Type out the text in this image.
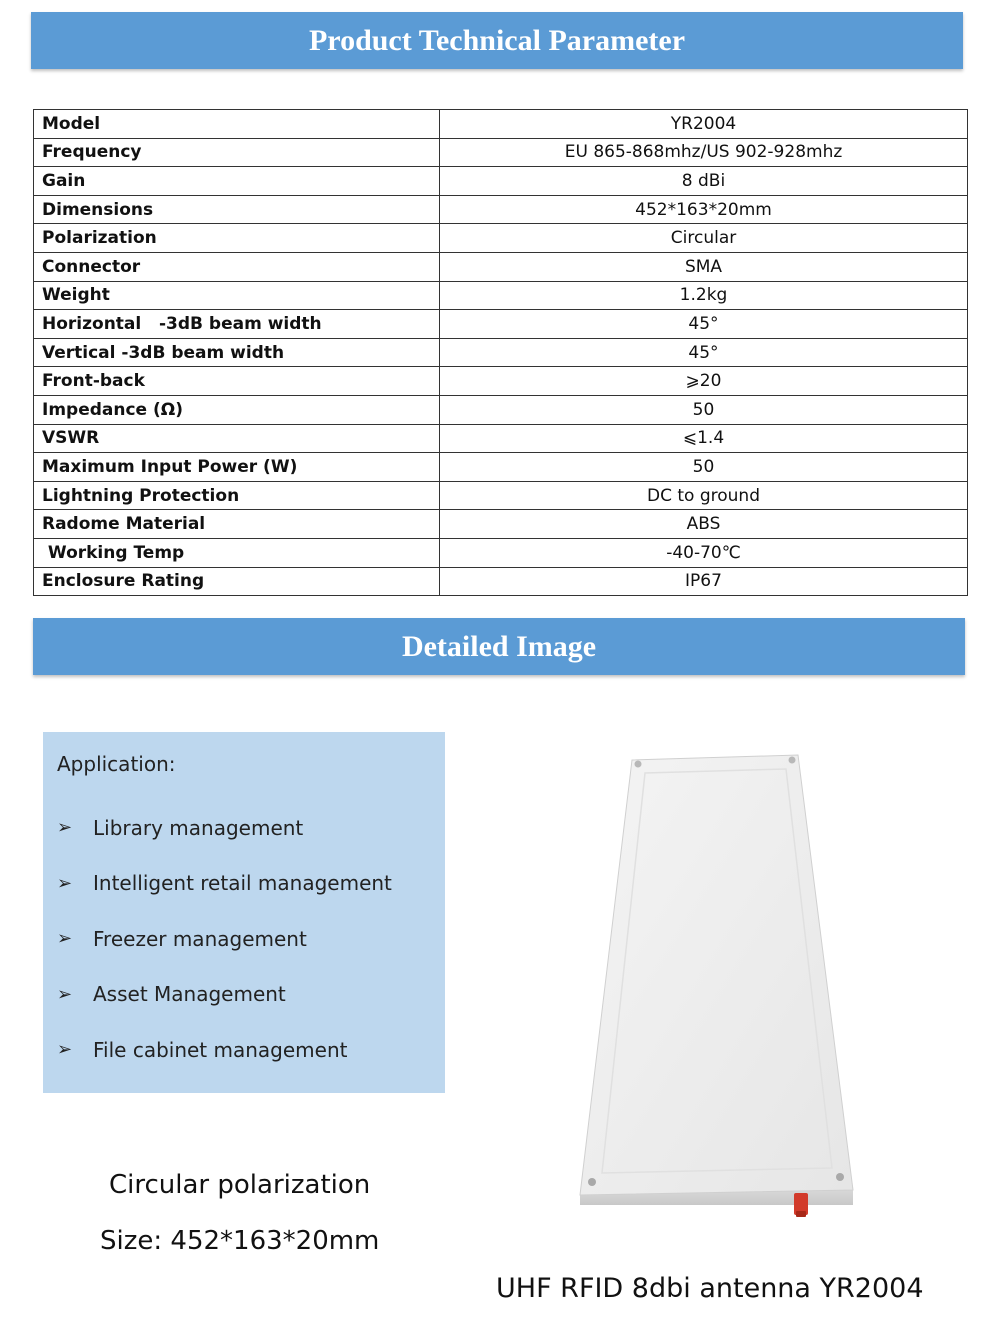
Product Technical Parameter
Model	YR2004
Frequency	EU 865-868mhz/US 902-928mhz
Gain	8 dBi
Dimensions	452*163*20mm
Polarization	Circular
Connector	SMA
Weight	1.2kg
Horizontal   -3dB beam width	45°
Vertical -3dB beam width	45°
Front-back	⩾20
Impedance (Ω)	50
VSWR	⩽1.4
Maximum Input Power (W)	50
Lightning Protection	DC to ground
Radome Material	ABS
Working Temp	-40-70℃
Enclosure Rating	IP67
Detailed Image
Application:
➢	Library management
➢	Intelligent retail management
➢	Freezer management
➢	Asset Management
➢	File cabinet management
Circular polarization
Size: 452*163*20mm
UHF RFID 8dbi antenna YR2004
